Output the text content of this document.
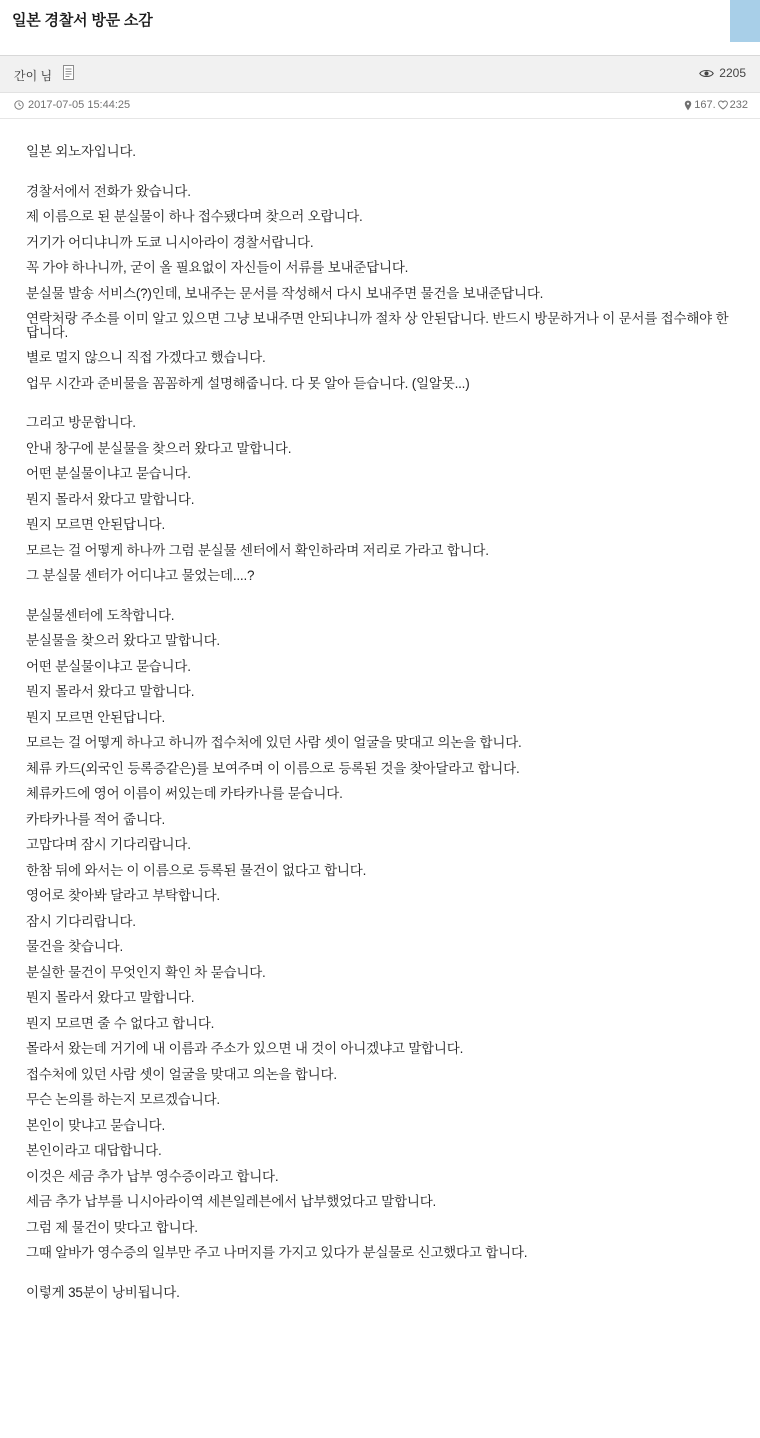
일본 경찰서 방문 소감
간이 님	2205
2017-07-05 15:44:25	167. 232

일본 외노자입니다.

경찰서에서 전화가 왔습니다.

제 이름으로 된 분실물이 하나 접수됐다며 찾으러 오랍니다.

거기가 어디냐니까 도쿄 니시아라이 경찰서랍니다.

꼭 가야 하나니까, 굳이 올 필요없이 자신들이 서류를 보내준답니다.

분실물 발송 서비스(?)인데, 보내주는 문서를 작성해서 다시 보내주면 물건을 보내준답니다.

연락처랑 주소를 이미 알고 있으면 그냥 보내주면 안되냐니까 절차 상 안된답니다. 반드시 방문하거나 이 문서를 접수해야 한답니다.

별로 멀지 않으니 직접 가겠다고 했습니다.

업무 시간과 준비물을 꼼꼼하게 설명해줍니다. 다 못 알아 듣습니다. (일알못...)

그리고 방문합니다.

안내 창구에 분실물을 찾으러 왔다고 말합니다.

어떤 분실물이냐고 묻습니다.

뭔지 몰라서 왔다고 말합니다.

뭔지 모르면 안된답니다.

모르는 걸 어떻게 하나까 그럼 분실물 센터에서 확인하라며 저리로 가라고 합니다.

그 분실물 센터가 어디냐고 물었는데....?

분실물센터에 도착합니다.

분실물을 찾으러 왔다고 말합니다.

어떤 분실물이냐고 묻습니다.

뭔지 몰라서 왔다고 말합니다.

뭔지 모르면 안된답니다.

모르는 걸 어떻게 하나고 하니까 접수처에 있던 사람 셋이 얼굴을 맞대고 의논을 합니다.

체류 카드(외국인 등록증같은)를 보여주며 이 이름으로 등록된 것을 찾아달라고 합니다.

체류카드에 영어 이름이 써있는데 카타카나를 묻습니다.

카타카나를 적어 줍니다.

고맙다며 잠시 기다리랍니다.

한참 뒤에 와서는 이 이름으로 등록된 물건이 없다고 합니다.

영어로 찾아봐 달라고 부탁합니다.

잠시 기다리랍니다.

물건을 찾습니다.

분실한 물건이 무엇인지 확인 차 묻습니다.

뭔지 몰라서 왔다고 말합니다.

뭔지 모르면 줄 수 없다고 합니다.

몰라서 왔는데 거기에 내 이름과 주소가 있으면 내 것이 아니겠냐고 말합니다.

접수처에 있던 사람 셋이 얼굴을 맞대고 의논을 합니다.

무슨 논의를 하는지 모르겠습니다.

본인이 맞냐고 묻습니다.

본인이라고 대답합니다.

이것은 세금 추가 납부 영수증이라고 합니다.

세금 추가 납부를 니시아라이역 세븐일레븐에서 납부했었다고 말합니다.

그럼 제 물건이 맞다고 합니다.

그때 알바가 영수증의 일부만 주고 나머지를 가지고 있다가 분실물로 신고했다고 합니다.

이렇게 35분이 낭비됩니다.
